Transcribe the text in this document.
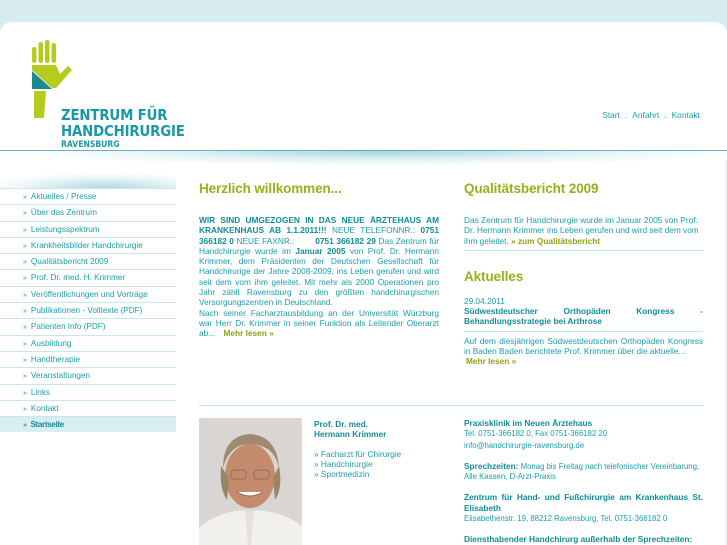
ZENTRUM FÜR
HANDCHIRURGIE
RAVENSBURG
Start . Anfahrt . Kontakt
» Aktuelles / Presse
» Über das Zentrum
» Leistungsspektrum
» Krankheitsbilder Handchirurgie
» Qualitätsbericht 2009
» Prof. Dr. med. H. Krimmer
» Veröffentlichungen und Vorträge
» Publikationen - Volltexte (PDF)
» Patienten Info (PDF)
» Ausbildung
» Handtherapie
» Veranstaltungen
» Links
» Kontakt
» Startseite
Herzlich willkommen...
WIR SIND UMGEZOGEN IN DAS NEUE ÄRZTEHAUS AM KRANKENHAUS AB 1.1.2011!!! NEUE TELEFONNR.: 0751 366182 0 NEUE FAXNR.:        0751 366182 29 Das Zentrum für Handchirurgie wurde im Januar 2005 von Prof. Dr. Hermann Krimmer, dem Präsidenten der Deutschen Gesellschaft für Handchirurige der Jahre 2008-2009, ins Leben gerufen und wird seit dem vom ihm geleitet. Mit mehr als 2000 Operationen pro Jahr zählt Ravensburg zu den größten handchirurgischen Versorgungszentren in Deutschland.
Nach seiner Facharztausbildung an der Universität Würzburg war Herr Dr. Krimmer in seiner Funktion als Leitender Oberarzt ab... Mehr lesen »
Qualitätsbericht 2009
Das Zentrum für Handchirurgie wurde im Januar 2005 von Prof. Dr. Hermann Krimmer ins Leben gerufen und wird seit dem vom ihm geleitet. » zum Qualitätsbericht
Aktuelles
29.04.2011
Südwestdeutscher Orthopäden Kongress - Behandlungsstrategie bei Arthrose
Auf dem diesjährigen Südwestdeutschen Orthopäden Kongress in Baden Baden berichtete Prof. Krimmer über die aktuelle...
Mehr lesen »
Prof. Dr. med.
Hermann Krimmer
» Facharzt für Chirurgie
» Handchirurgie
» Sportmedizin

Praxisklinik im Neuen Ärztehaus
Tel. 0751-366182 0, Fax 0751-366182 20
info@handchirurgie-ravensburg.de

Sprechzeiten: Monag bis Freitag nach telefonischer Vereinbarung, Alle Kassen, D-Arzt-Praxis

Zentrum für Hand- und Fußchirurgie am Krankenhaus St. Elisabeth
Elisabethenstr. 19, 88212 Ravensburg, Tel. 0751-366182 0

Diensthabender Handchirurg außerhalb der Sprechzeiten:
